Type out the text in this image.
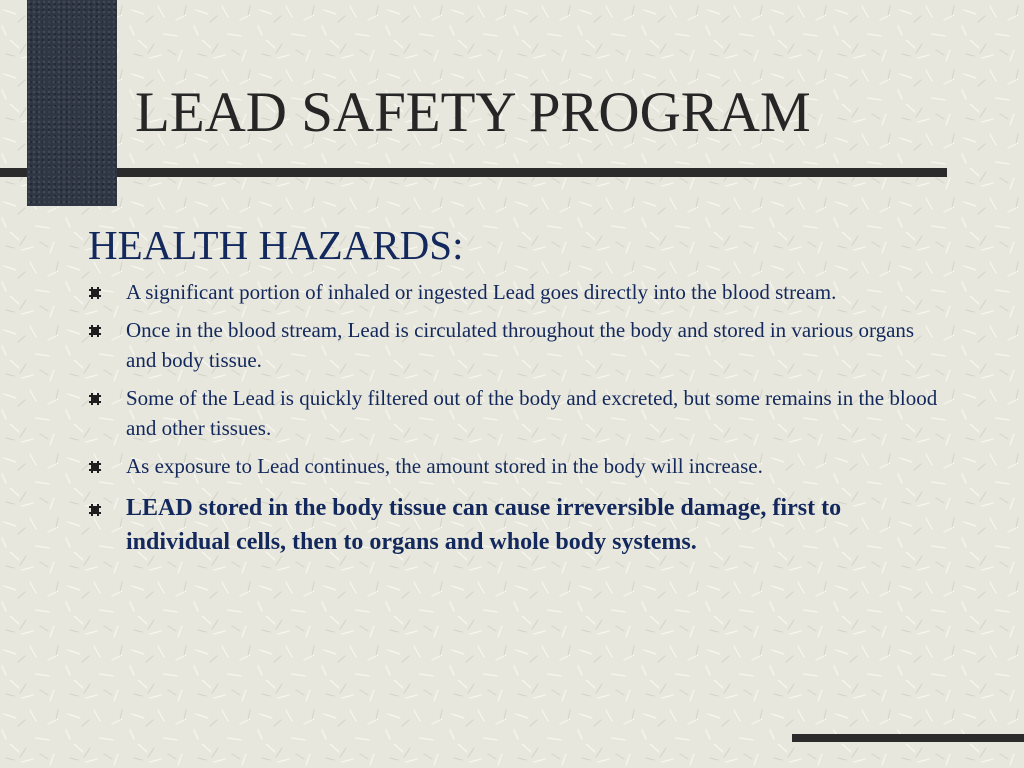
LEAD SAFETY PROGRAM
HEALTH HAZARDS:
A significant portion of inhaled or ingested Lead goes directly into the blood stream.
Once in the blood stream, Lead is circulated throughout the body and stored in various organs and body tissue.
Some of the Lead is quickly filtered out of the body and excreted, but some remains in the blood and other tissues.
As exposure to Lead continues, the amount stored in the body will increase.
LEAD stored in the body tissue can cause irreversible damage, first to individual cells, then to organs and whole body systems.
